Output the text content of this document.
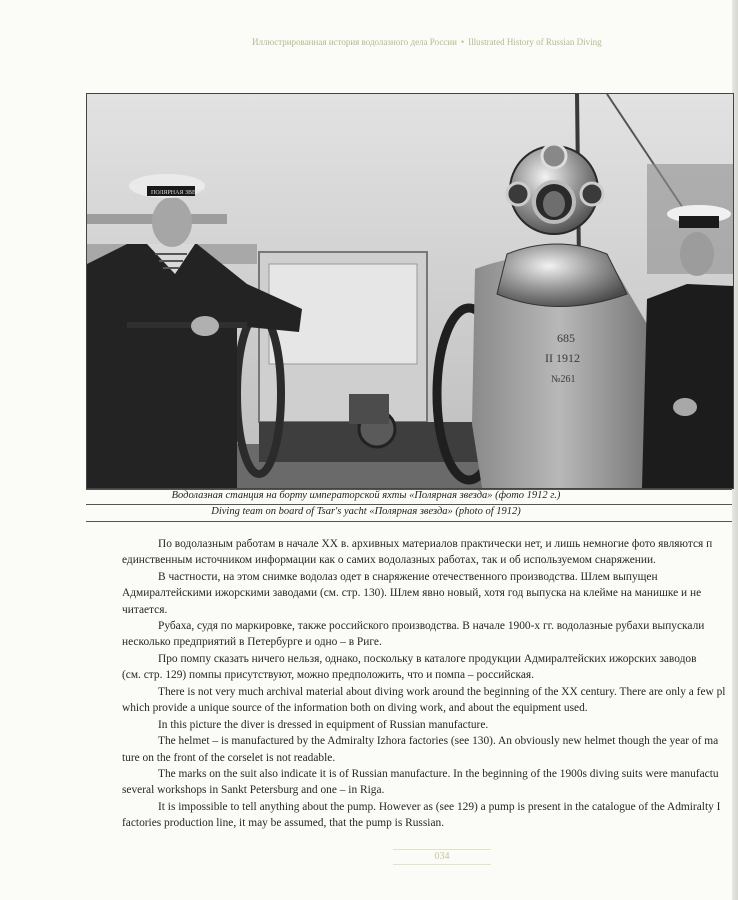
Иллюстрированная история водолазного дела России • Illustrated History of Russian Diving
ПОЛЯРНАЯ ЗВЕЗДА
685
II 1912
№261
Водолазная станция на борту императорской яхты «Полярная звезда» (фото 1912 г.)
Diving team on board of Tsar's yacht «Полярная звезда» (photo of 1912)

По водолазным работам в начале XX в. архивных материалов практически нет, и лишь немногие фото являются п

единственным источником информации как о самих водолазных работах, так и об используемом снаряжении.

В частности, на этом снимке водолаз одет в снаряжение отечественного производства. Шлем выпущен

Адмиралтейскими ижорскими заводами (см. стр. 130). Шлем явно новый, хотя год выпуска на клейме на манишке и не

читается.

Рубаха, судя по маркировке, также российского производства. В начале 1900-х гг. водолазные рубахи выпускали

несколько предприятий в Петербурге и одно – в Риге.

Про помпу сказать ничего нельзя, однако, поскольку в каталоге продукции Адмиралтейских ижорских заводов

(см. стр. 129) помпы присутствуют, можно предположить, что и помпа – российская.

There is not very much archival material about diving work around the beginning of the XX century. There are only a few pl

which provide a unique source of the information both on diving work, and about the equipment used.

In this picture the diver is dressed in equipment of Russian manufacture.

The helmet – is manufactured by the Admiralty Izhora factories (see 130). An obviously new helmet though the year of ma

ture on the front of the corselet is not readable.

The marks on the suit also indicate it is of Russian manufacture. In the beginning of the 1900s diving suits were manufactu

several workshops in Sankt Petersburg and one – in Riga.

It is impossible to tell anything about the pump. However as (see 129) a pump is present in the catalogue of the Admiralty I

factories production line, it may be assumed, that the pump is Russian.

034
